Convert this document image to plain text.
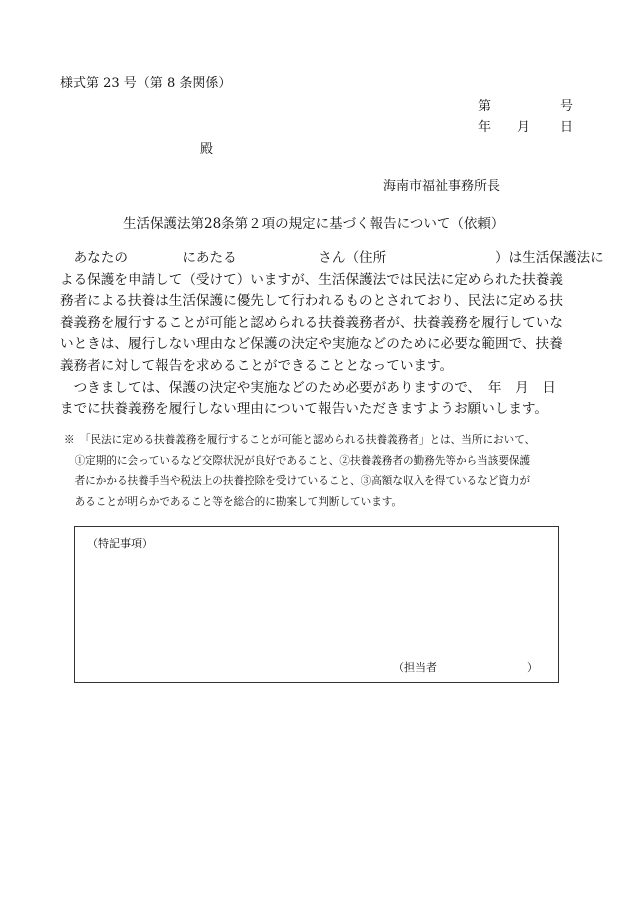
様式第 23 号（第 8 条関係）
第	号
年 月 日
殿
海南市福祉事務所長
生活保護法第28条第２項の規定に基づく報告について（依頼）
　あなたの　　　　にあたる　　　　　　さん（住所　　　　　　　　）は生活保護法に
よる保護を申請して（受けて）いますが、生活保護法では民法に定められた扶養義
務者による扶養は生活保護に優先して行われるものとされており、民法に定める扶
養義務を履行することが可能と認められる扶養義務者が、扶養義務を履行していな
いときは、履行しない理由など保護の決定や実施などのために必要な範囲で、扶養
義務者に対して報告を求めることができることとなっています。
　つきましては、保護の決定や実施などのため必要がありますので、　年　月　日
までに扶養義務を履行しない理由について報告いただきますようお願いします。
※　「民法に定める扶養義務を履行することが可能と認められる扶養義務者」とは、当所において、
　①定期的に会っているなど交際状況が良好であること、②扶養義務者の勤務先等から当該要保護
　者にかかる扶養手当や税法上の扶養控除を受けていること、③高額な収入を得ているなど資力が
　あることが明らかであること等を総合的に勘案して判断しています。
（特記事項）
（担当者	）
